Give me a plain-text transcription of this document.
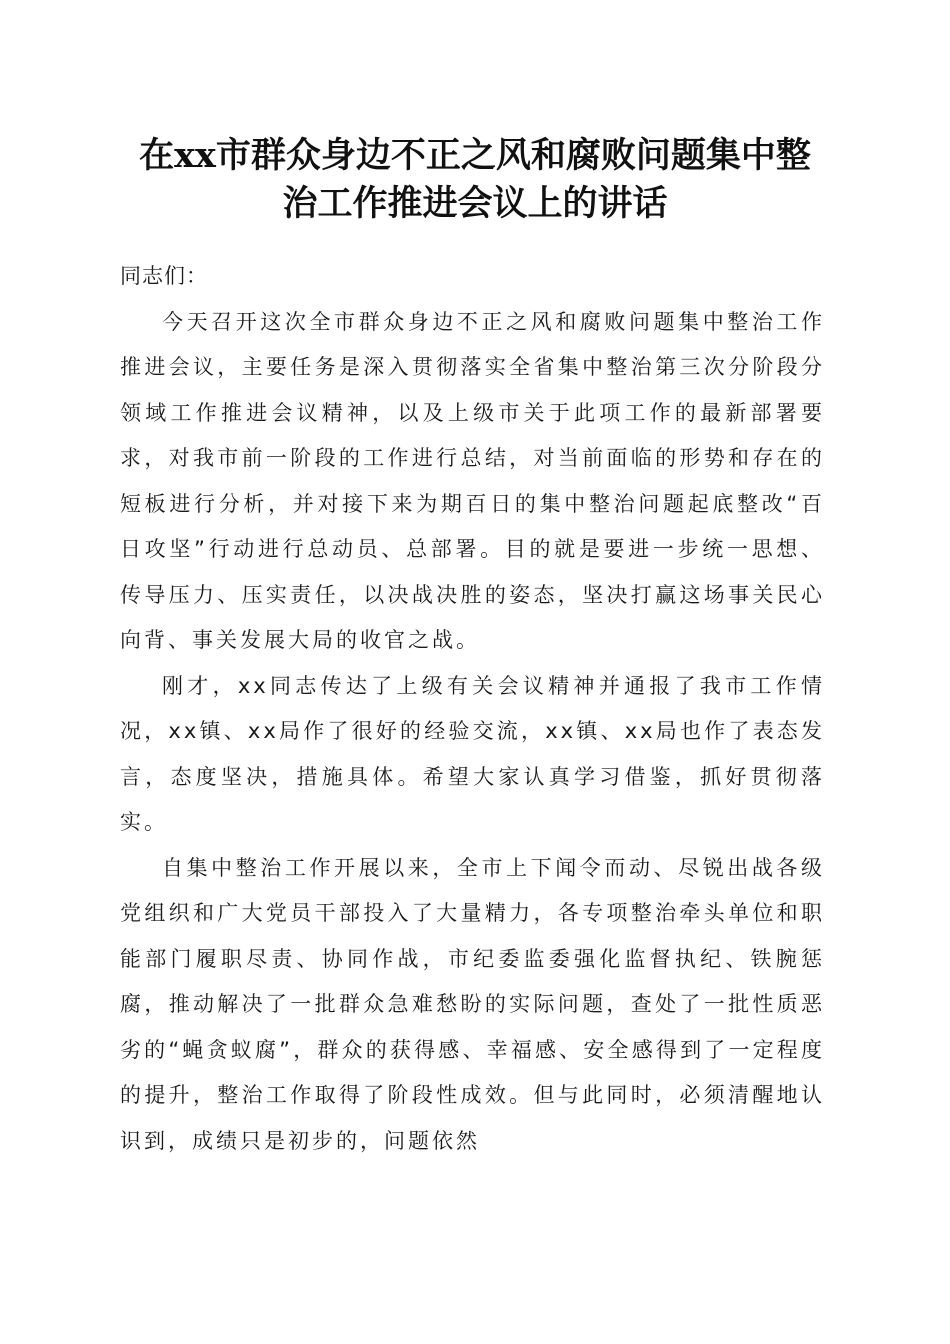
在xx市群众身边不正之风和腐败问题集中整
治工作推进会议上的讲话

同志们：

今天召开这次全市群众身边不正之风和腐败问题集中整治工作推进会议，主要任务是深入贯彻落实全省集中整治第三次分阶段分领域工作推进会议精神，以及上级市关于此项工作的最新部署要求，对我市前一阶段的工作进行总结，对当前面临的形势和存在的短板进行分析，并对接下来为期百日的集中整治问题起底整改“百日攻坚”行动进行总动员、总部署。目的就是要进一步统一思想、传导压力、压实责任，以决战决胜的姿态，坚决打赢这场事关民心向背、事关发展大局的收官之战。

刚才，xx同志传达了上级有关会议精神并通报了我市工作情况，xx镇、xx局作了很好的经验交流，xx镇、xx局也作了表态发言，态度坚决，措施具体。希望大家认真学习借鉴，抓好贯彻落实。

自集中整治工作开展以来，全市上下闻令而动、尽锐出战各级党组织和广大党员干部投入了大量精力，各专项整治牵头单位和职能部门履职尽责、协同作战，市纪委监委强化监督执纪、铁腕惩腐，推动解决了一批群众急难愁盼的实际问题，查处了一批性质恶劣的“蝇贪蚁腐”，群众的获得感、幸福感、安全感得到了一定程度的提升，整治工作取得了阶段性成效。但与此同时，必须清醒地认识到，成绩只是初步的，问题依然
